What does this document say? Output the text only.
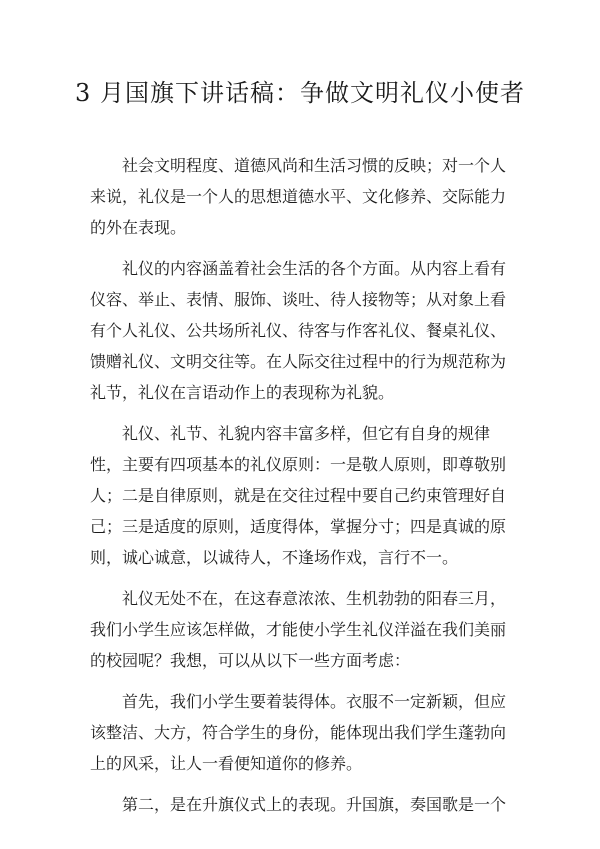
3 月国旗下讲话稿：争做文明礼仪小使者

社会文明程度、道德风尚和生活习惯的反映；对一个人来说，礼仪是一个人的思想道德水平、文化修养、交际能力的外在表现。

礼仪的内容涵盖着社会生活的各个方面。从内容上看有仪容、举止、表情、服饰、谈吐、待人接物等；从对象上看有个人礼仪、公共场所礼仪、待客与作客礼仪、餐桌礼仪、馈赠礼仪、文明交往等。在人际交往过程中的行为规范称为礼节，礼仪在言语动作上的表现称为礼貌。

礼仪、礼节、礼貌内容丰富多样，但它有自身的规律性，主要有四项基本的礼仪原则：一是敬人原则，即尊敬别人；二是自律原则，就是在交往过程中要自己约束管理好自己；三是适度的原则，适度得体，掌握分寸；四是真诚的原则，诚心诚意，以诚待人，不逢场作戏，言行不一。

礼仪无处不在，在这春意浓浓、生机勃勃的阳春三月，我们小学生应该怎样做，才能使小学生礼仪洋溢在我们美丽的校园呢？我想，可以从以下一些方面考虑：

首先，我们小学生要着装得体。衣服不一定新颖，但应该整洁、大方，符合学生的身份，能体现出我们学生蓬勃向上的风采，让人一看便知道你的修养。

第二，是在升旗仪式上的表现。升国旗，奏国歌是一个
